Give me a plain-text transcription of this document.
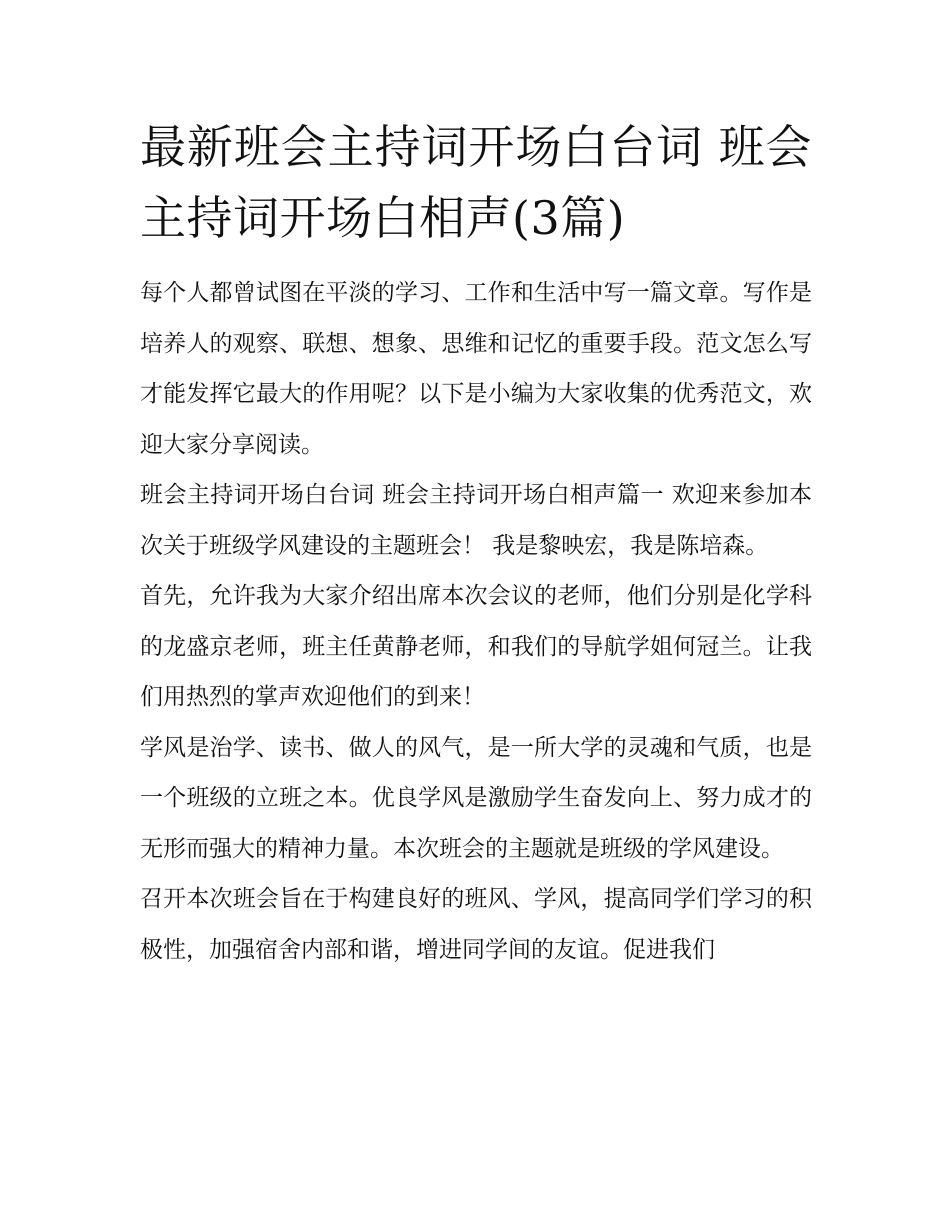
最新班会主持词开场白台词 班会主持词开场白相声(3篇)

每个人都曾试图在平淡的学习、工作和生活中写一篇文章。写作是培养人的观察、联想、想象、思维和记忆的重要手段。范文怎么写才能发挥它最大的作用呢？以下是小编为大家收集的优秀范文，欢迎大家分享阅读。

班会主持词开场白台词 班会主持词开场白相声篇一 欢迎来参加本次关于班级学风建设的主题班会！ 我是黎映宏，我是陈培森。

首先，允许我为大家介绍出席本次会议的老师，他们分别是化学科的龙盛京老师，班主任黄静老师，和我们的导航学姐何冠兰。让我们用热烈的掌声欢迎他们的到来！

学风是治学、读书、做人的风气，是一所大学的灵魂和气质，也是一个班级的立班之本。优良学风是激励学生奋发向上、努力成才的无形而强大的精神力量。本次班会的主题就是班级的学风建设。

召开本次班会旨在于构建良好的班风、学风，提高同学们学习的积极性，加强宿舍内部和谐，增进同学间的友谊。促进我们
